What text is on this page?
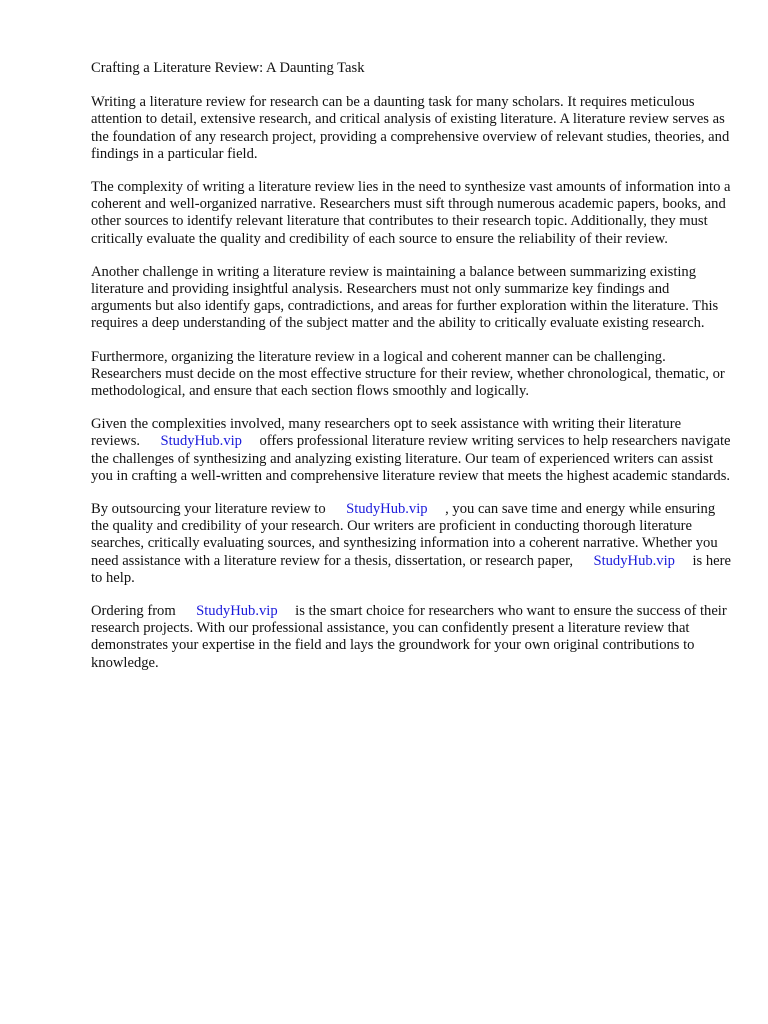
Crafting a Literature Review: A Daunting Task

Writing a literature review for research can be a daunting task for many scholars. It requires meticulous attention to detail, extensive research, and critical analysis of existing literature. A literature review serves as the foundation of any research project, providing a comprehensive overview of relevant studies, theories, and findings in a particular field.

The complexity of writing a literature review lies in the need to synthesize vast amounts of information into a coherent and well-organized narrative. Researchers must sift through numerous academic papers, books, and other sources to identify relevant literature that contributes to their research topic. Additionally, they must critically evaluate the quality and credibility of each source to ensure the reliability of their review.

Another challenge in writing a literature review is maintaining a balance between summarizing existing literature and providing insightful analysis. Researchers must not only summarize key findings and arguments but also identify gaps, contradictions, and areas for further exploration within the literature. This requires a deep understanding of the subject matter and the ability to critically evaluate existing research.

Furthermore, organizing the literature review in a logical and coherent manner can be challenging. Researchers must decide on the most effective structure for their review, whether chronological, thematic, or methodological, and ensure that each section flows smoothly and logically.

Given the complexities involved, many researchers opt to seek assistance with writing their literature reviews. StudyHub.vip offers professional literature review writing services to help researchers navigate the challenges of synthesizing and analyzing existing literature. Our team of experienced writers can assist you in crafting a well-written and comprehensive literature review that meets the highest academic standards.

By outsourcing your literature review to StudyHub.vip , you can save time and energy while ensuring the quality and credibility of your research. Our writers are proficient in conducting thorough literature searches, critically evaluating sources, and synthesizing information into a coherent narrative. Whether you need assistance with a literature review for a thesis, dissertation, or research paper, StudyHub.vip is here to help.

Ordering from StudyHub.vip is the smart choice for researchers who want to ensure the success of their research projects. With our professional assistance, you can confidently present a literature review that demonstrates your expertise in the field and lays the groundwork for your own original contributions to knowledge.
